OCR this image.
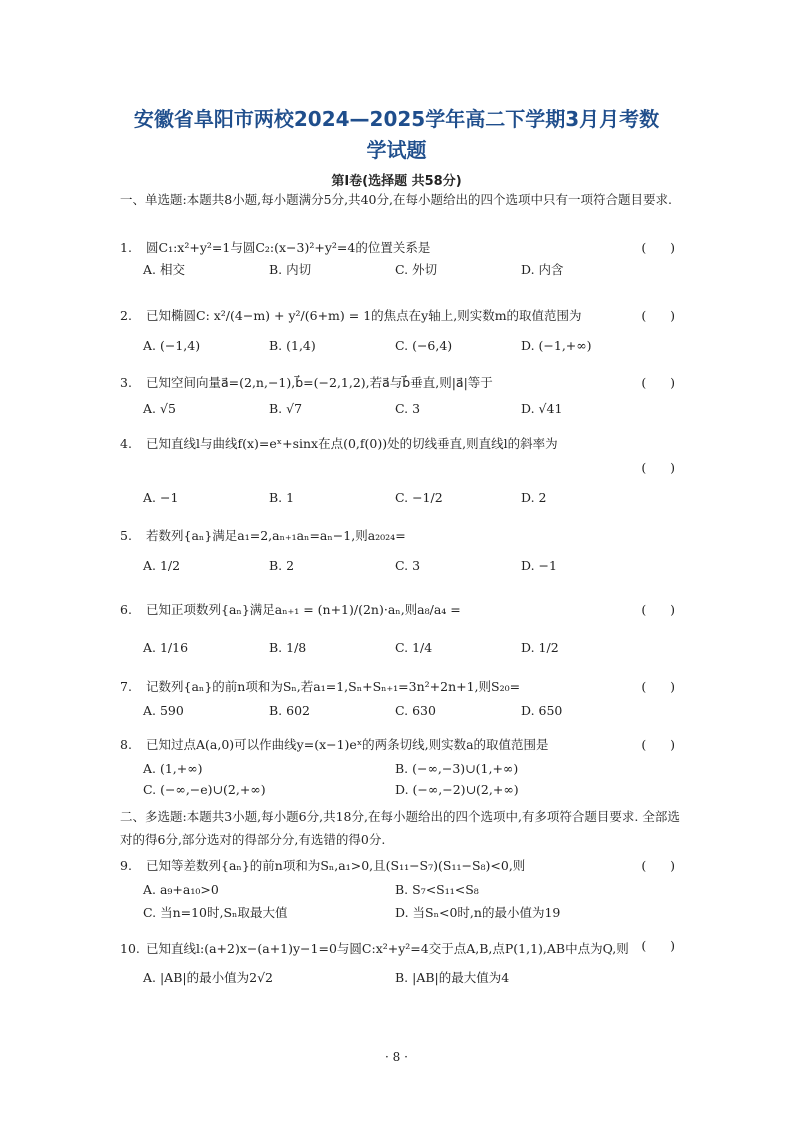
安徽省阜阳市两校2024—2025学年高二下学期3月月考数
学试题
第I卷(选择题 共58分)
一、单选题:本题共8小题,每小题满分5分,共40分,在每小题给出的四个选项中只有一项符合题目要求.
1.	圆C₁:x²+y²=1与圆C₂:(x−3)²+y²=4的位置关系是	(      )
A. 相交	B. 内切	C. 外切	D. 内含
2.	已知椭圆C: x²/(4−m) + y²/(6+m) = 1的焦点在y轴上,则实数m的取值范围为	(      )
A. (−1,4)	B. (1,4)	C. (−6,4)	D. (−1,+∞)
3.	已知空间向量a⃗=(2,n,−1),b⃗=(−2,1,2),若a⃗与b⃗垂直,则|a⃗|等于	(      )
A. √5	B. √7	C. 3	D. √41
4.	已知直线l与曲线f(x)=eˣ+sinx在点(0,f(0))处的切线垂直,则直线l的斜率为
(      )
A. −1	B. 1	C. −1/2	D. 2
5.	若数列{aₙ}满足a₁=2,aₙ₊₁aₙ=aₙ−1,则a₂₀₂₄=
A. 1/2	B. 2	C. 3	D. −1
6.	已知正项数列{aₙ}满足aₙ₊₁ = (n+1)/(2n)·aₙ,则a₈/a₄ =	(      )
A. 1/16	B. 1/8	C. 1/4	D. 1/2
7.	记数列{aₙ}的前n项和为Sₙ,若a₁=1,Sₙ+Sₙ₊₁=3n²+2n+1,则S₂₀=	(      )
A. 590	B. 602	C. 630	D. 650
8.	已知过点A(a,0)可以作曲线y=(x−1)eˣ的两条切线,则实数a的取值范围是	(      )
A. (1,+∞)	B. (−∞,−3)∪(1,+∞)
C. (−∞,−e)∪(2,+∞)	D. (−∞,−2)∪(2,+∞)
二、多选题:本题共3小题,每小题6分,共18分,在每小题给出的四个选项中,有多项符合题目要求. 全部选对的得6分,部分选对的得部分分,有选错的得0分.
9.	已知等差数列{aₙ}的前n项和为Sₙ,a₁>0,且(S₁₁−S₇)(S₁₁−S₈)<0,则	(      )
A. a₉+a₁₀>0	B. S₇<S₁₁<S₈
C. 当n=10时,Sₙ取最大值	D. 当Sₙ<0时,n的最小值为19
10. 已知直线l:(a+2)x−(a+1)y−1=0与圆C:x²+y²=4交于点A,B,点P(1,1),AB中点为Q,则	(      )
A. |AB|的最小值为2√2	B. |AB|的最大值为4
· 8 ·
